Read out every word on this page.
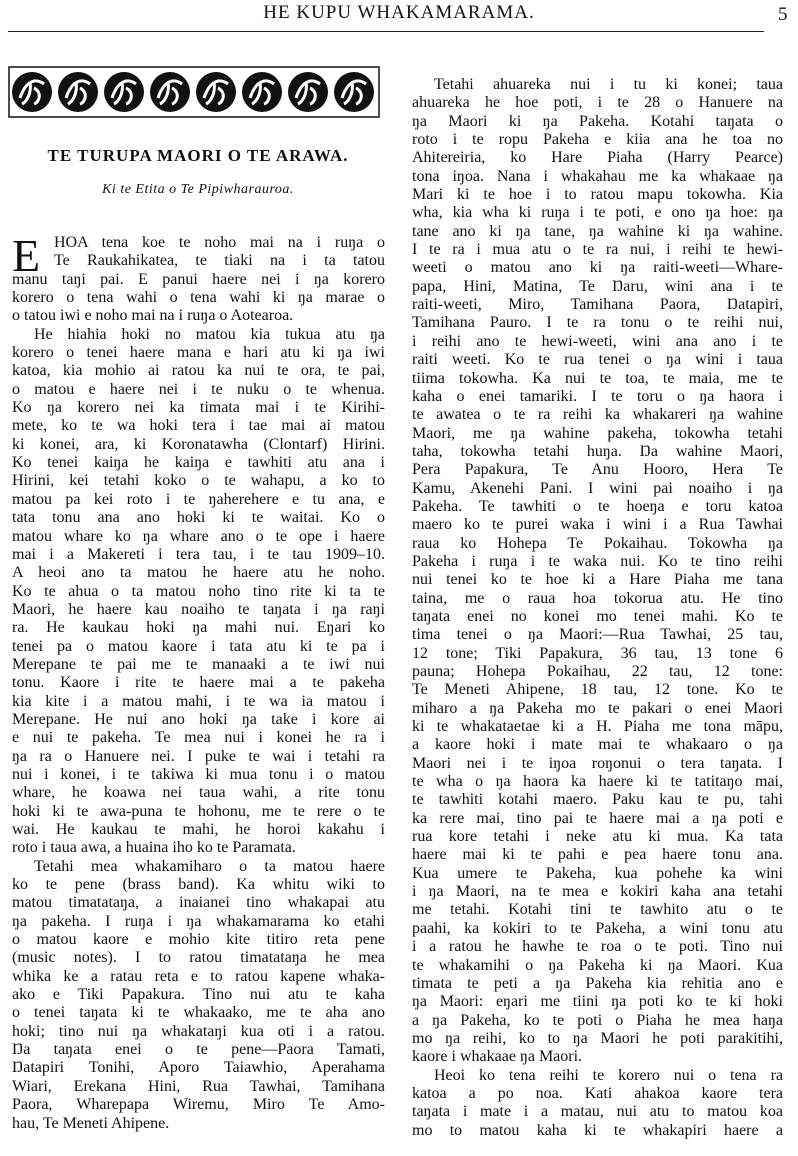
HE KUPU WHAKAMARAMA.	5
TE TURUPA MAORI O TE ARAWA.
Ki te Etita o Te Pipiwharauroa.
E HOA tena koe te noho mai na i ruŋa o
Te Raukahikatea, te tiaki na i ta tatou
manu taŋi pai. E panui haere nei i ŋa korero
korero o tena wahi o tena wahi ki ŋa marae o
o tatou iwi e noho mai na i ruŋa o Aotearoa.
He hiahia hoki no matou kia tukua atu ŋa
korero o tenei haere mana e hari atu ki ŋa iwi
katoa, kia mohio ai ratou ka nui te ora, te pai,
o matou e haere nei i te nuku o te whenua.
Ko ŋa korero nei ka timata mai i te Kirihi-
mete, ko te wa hoki tera i tae mai ai matou
ki konei, ara, ki Koronatawha (Clontarf) Hirini.
Ko tenei kaiŋa he kaiŋa e tawhiti atu ana i
Hirini, kei tetahi koko o te wahapu, a ko to
matou pa kei roto i te ŋaherehere e tu ana, e
tata tonu ana ano hoki ki te waitai. Ko o
matou whare ko ŋa whare ano o te ope i haere
mai i a Makereti i tera tau, i te tau 1909–10.
A heoi ano ta matou he haere atu he noho.
Ko te ahua o ta matou noho tino rite ki ta te
Maori, he haere kau noaiho te taŋata i ŋa raŋi
ra. He kaukau hoki ŋa mahi nui. Eŋari ko
tenei pa o matou kaore i tata atu ki te pa i
Merepane te pai me te manaaki a te iwi nui
tonu. Kaore i rite te haere mai a te pakeha
kia kite i a matou mahi, i te wa ia matou i
Merepane. He nui ano hoki ŋa take i kore ai
e nui te pakeha. Te mea nui i konei he ra i
ŋa ra o Hanuere nei. I puke te wai i tetahi ra
nui i konei, i te takiwa ki mua tonu i o matou
whare, he koawa nei taua wahi, a rite tonu
hoki ki te awa-puna te hohonu, me te rere o te
wai. He kaukau te mahi, he horoi kakahu i
roto i taua awa, a huaina iho ko te Paramata.
Tetahi mea whakamiharo o ta matou haere
ko te pene (brass band). Ka whitu wiki to
matou timatataŋa, a inaianei tino whakapai atu
ŋa pakeha. I ruŋa i ŋa whakamarama ko etahi
o matou kaore e mohio kite titiro reta pene
(music notes). I to ratou timatataŋa he mea
whika ke a ratau reta e to ratou kapene whaka-
ako e Tiki Papakura. Tino nui atu te kaha
o tenei taŋata ki te whakaako, me te aha ano
hoki; tino nui ŋa whakataŋi kua oti i a ratou.
Ŋa taŋata enei o te pene—Paora Tamati,
Ŋatapiri Tonihi, Aporo Taiawhio, Aperahama
Wiari, Erekana Hini, Rua Tawhai, Tamihana
Paora, Wharepapa Wiremu, Miro Te Amo-
hau, Te Meneti Ahipene.
Tetahi ahuareka nui i tu ki konei; taua
ahuareka he hoe poti, i te 28 o Hanuere na
ŋa Maori ki ŋa Pakeha. Kotahi taŋata o
roto i te ropu Pakeha e kiia ana he toa no
Ahitereiria, ko Hare Piaha (Harry Pearce)
tona iŋoa. Nana i whakahau me ka whakaae ŋa
Mari ki te hoe i to ratou mapu tokowha. Kia
wha, kia wha ki ruŋa i te poti, e ono ŋa hoe: ŋa
tane ano ki ŋa tane, ŋa wahine ki ŋa wahine.
I te ra i mua atu o te ra nui, i reihi te hewi-
weeti o matou ano ki ŋa raiti-weeti—Whare-
papa, Hini, Matina, Te Ŋaru, wini ana i te
raiti-weeti, Miro, Tamihana Paora, Ŋatapiri,
Tamihana Pauro. I te ra tonu o te reihi nui,
i reihi ano te hewi-weeti, wini ana ano i te
raiti weeti. Ko te rua tenei o ŋa wini i taua
tiima tokowha. Ka nui te toa, te maia, me te
kaha o enei tamariki. I te toru o ŋa haora i
te awatea o te ra reihi ka whakareri ŋa wahine
Maori, me ŋa wahine pakeha, tokowha tetahi
taha, tokowha tetahi huŋa. Ŋa wahine Maori,
Pera Papakura, Te Anu Hooro, Hera Te
Kamu, Akenehi Pani. I wini pai noaiho i ŋa
Pakeha. Te tawhiti o te hoeŋa e toru katoa
maero ko te purei waka i wini i a Rua Tawhai
raua ko Hohepa Te Pokaihau. Tokowha ŋa
Pakeha i ruŋa i te waka nui. Ko te tino reihi
nui tenei ko te hoe ki a Hare Piaha me tana
taina, me o raua hoa tokorua atu. He tino
taŋata enei no konei mo tenei mahi. Ko te
tima tenei o ŋa Maori:—Rua Tawhai, 25 tau,
12 tone; Tiki Papakura, 36 tau, 13 tone 6
pauna; Hohepa Pokaihau, 22 tau, 12 tone:
Te Meneti Ahipene, 18 tau, 12 tone. Ko te
miharo a ŋa Pakeha mo te pakari o enei Maori
ki te whakataetae ki a H. Piaha me tona māpu,
a kaore hoki i mate mai te whakaaro o ŋa
Maori nei i te iŋoa roŋonui o tera taŋata. I
te wha o ŋa haora ka haere ki te tatitaŋo mai,
te tawhiti kotahi maero. Paku kau te pu, tahi
ka rere mai, tino pai te haere mai a ŋa poti e
rua kore tetahi i neke atu ki mua. Ka tata
haere mai ki te pahi e pea haere tonu ana.
Kua umere te Pakeha, kua pohehe ka wini
i ŋa Maori, na te mea e kokiri kaha ana tetahi
me tetahi. Kotahi tini te tawhito atu o te
paahi, ka kokiri to te Pakeha, a wini tonu atu
i a ratou he hawhe te roa o te poti. Tino nui
te whakamihi o ŋa Pakeha ki ŋa Maori. Kua
timata te peti a ŋa Pakeha kia rehitia ano e
ŋa Maori: eŋari me tiini ŋa poti ko te ki hoki
a ŋa Pakeha, ko te poti o Piaha he mea haŋa
mo ŋa reihi, ko to ŋa Maori he poti parakitihi,
kaore i whakaae ŋa Maori.
Heoi ko tena reihi te korero nui o tena ra
katoa a po noa. Kati ahakoa kaore tera
taŋata i mate i a matau, nui atu to matou koa
mo to matou kaha ki te whakapiri haere a
